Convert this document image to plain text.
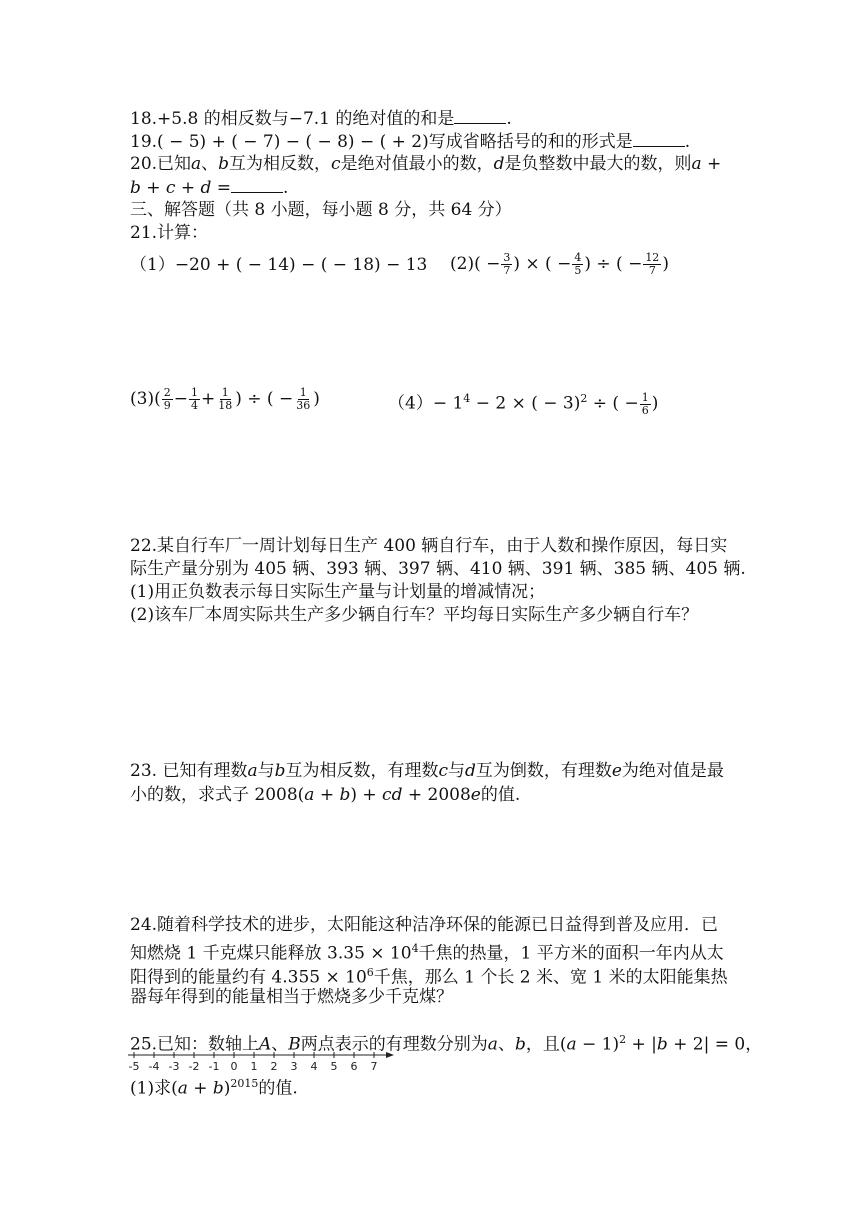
18.+5.8 的相反数与−7.1 的绝对值的和是	.
19.( − 5) + ( − 7) − ( − 8) − ( + 2)写成省略括号的和的形式是	.
20.已知𝑎、𝑏互为相反数，𝑐是绝对值最小的数，𝑑是负整数中最大的数，则𝑎 +
𝑏 + 𝑐 + 𝑑 =	.
三、解答题（共 8 小题，每小题 8 分，共 64 分）
21.计算：
（1）−20 + ( − 14) − ( − 18) − 13 $(2)( - \frac{3}{7}$ ) × ( − $\frac{4}{5}$ ) ÷ ( − $\frac{12}{7}$ )
$(3)( \frac{2}{9} - \frac{1}{4} + \frac{1}{18}$ ) ÷ ( − $\frac{1}{36}$ )	$(4)- 1^4 - 2$ × ( − 3)$^2$ ÷ ( − $\frac{1}{6}$ )
22.某自行车厂一周计划每日生产 400 辆自行车，由于人数和操作原因，每日实
际生产量分别为 405 辆、393 辆、397 辆、410 辆、391 辆、385 辆、405 辆.
(1)用正负数表示每日实际生产量与计划量的增减情况；
(2)该车厂本周实际共生产多少辆自行车？平均每日实际生产多少辆自行车？
23. 已知有理数𝑎与𝑏互为相反数，有理数𝑐与𝑑互为倒数，有理数𝑒为绝对值是最
小的数，求式子 2008(𝑎 + 𝑏) + 𝑐𝑑 + 2008𝑒的值.
24.随着科学技术的进步，太阳能这种洁净环保的能源已日益得到普及应用．已
知燃烧 1 千克煤只能释放 $3.35 \times 10^4$千焦的热量，1 平方米的面积一年内从太
阳得到的能量约有 $4.355 \times 10^6$千焦，那么 1 个长 2 米、宽 1 米的太阳能集热
器每年得到的能量相当于燃烧多少千克煤？
25.已知：数轴上𝐴、𝐵两点表示的有理数分别为𝑎、𝑏，且(𝑎 − 1)$^2$ + |𝑏 + 2| = 0，
-5 -4 -3 -2 -1 0 1 2 3 4 5 6 7
(1)求(𝑎 + 𝑏)$^{2015}$的值.
